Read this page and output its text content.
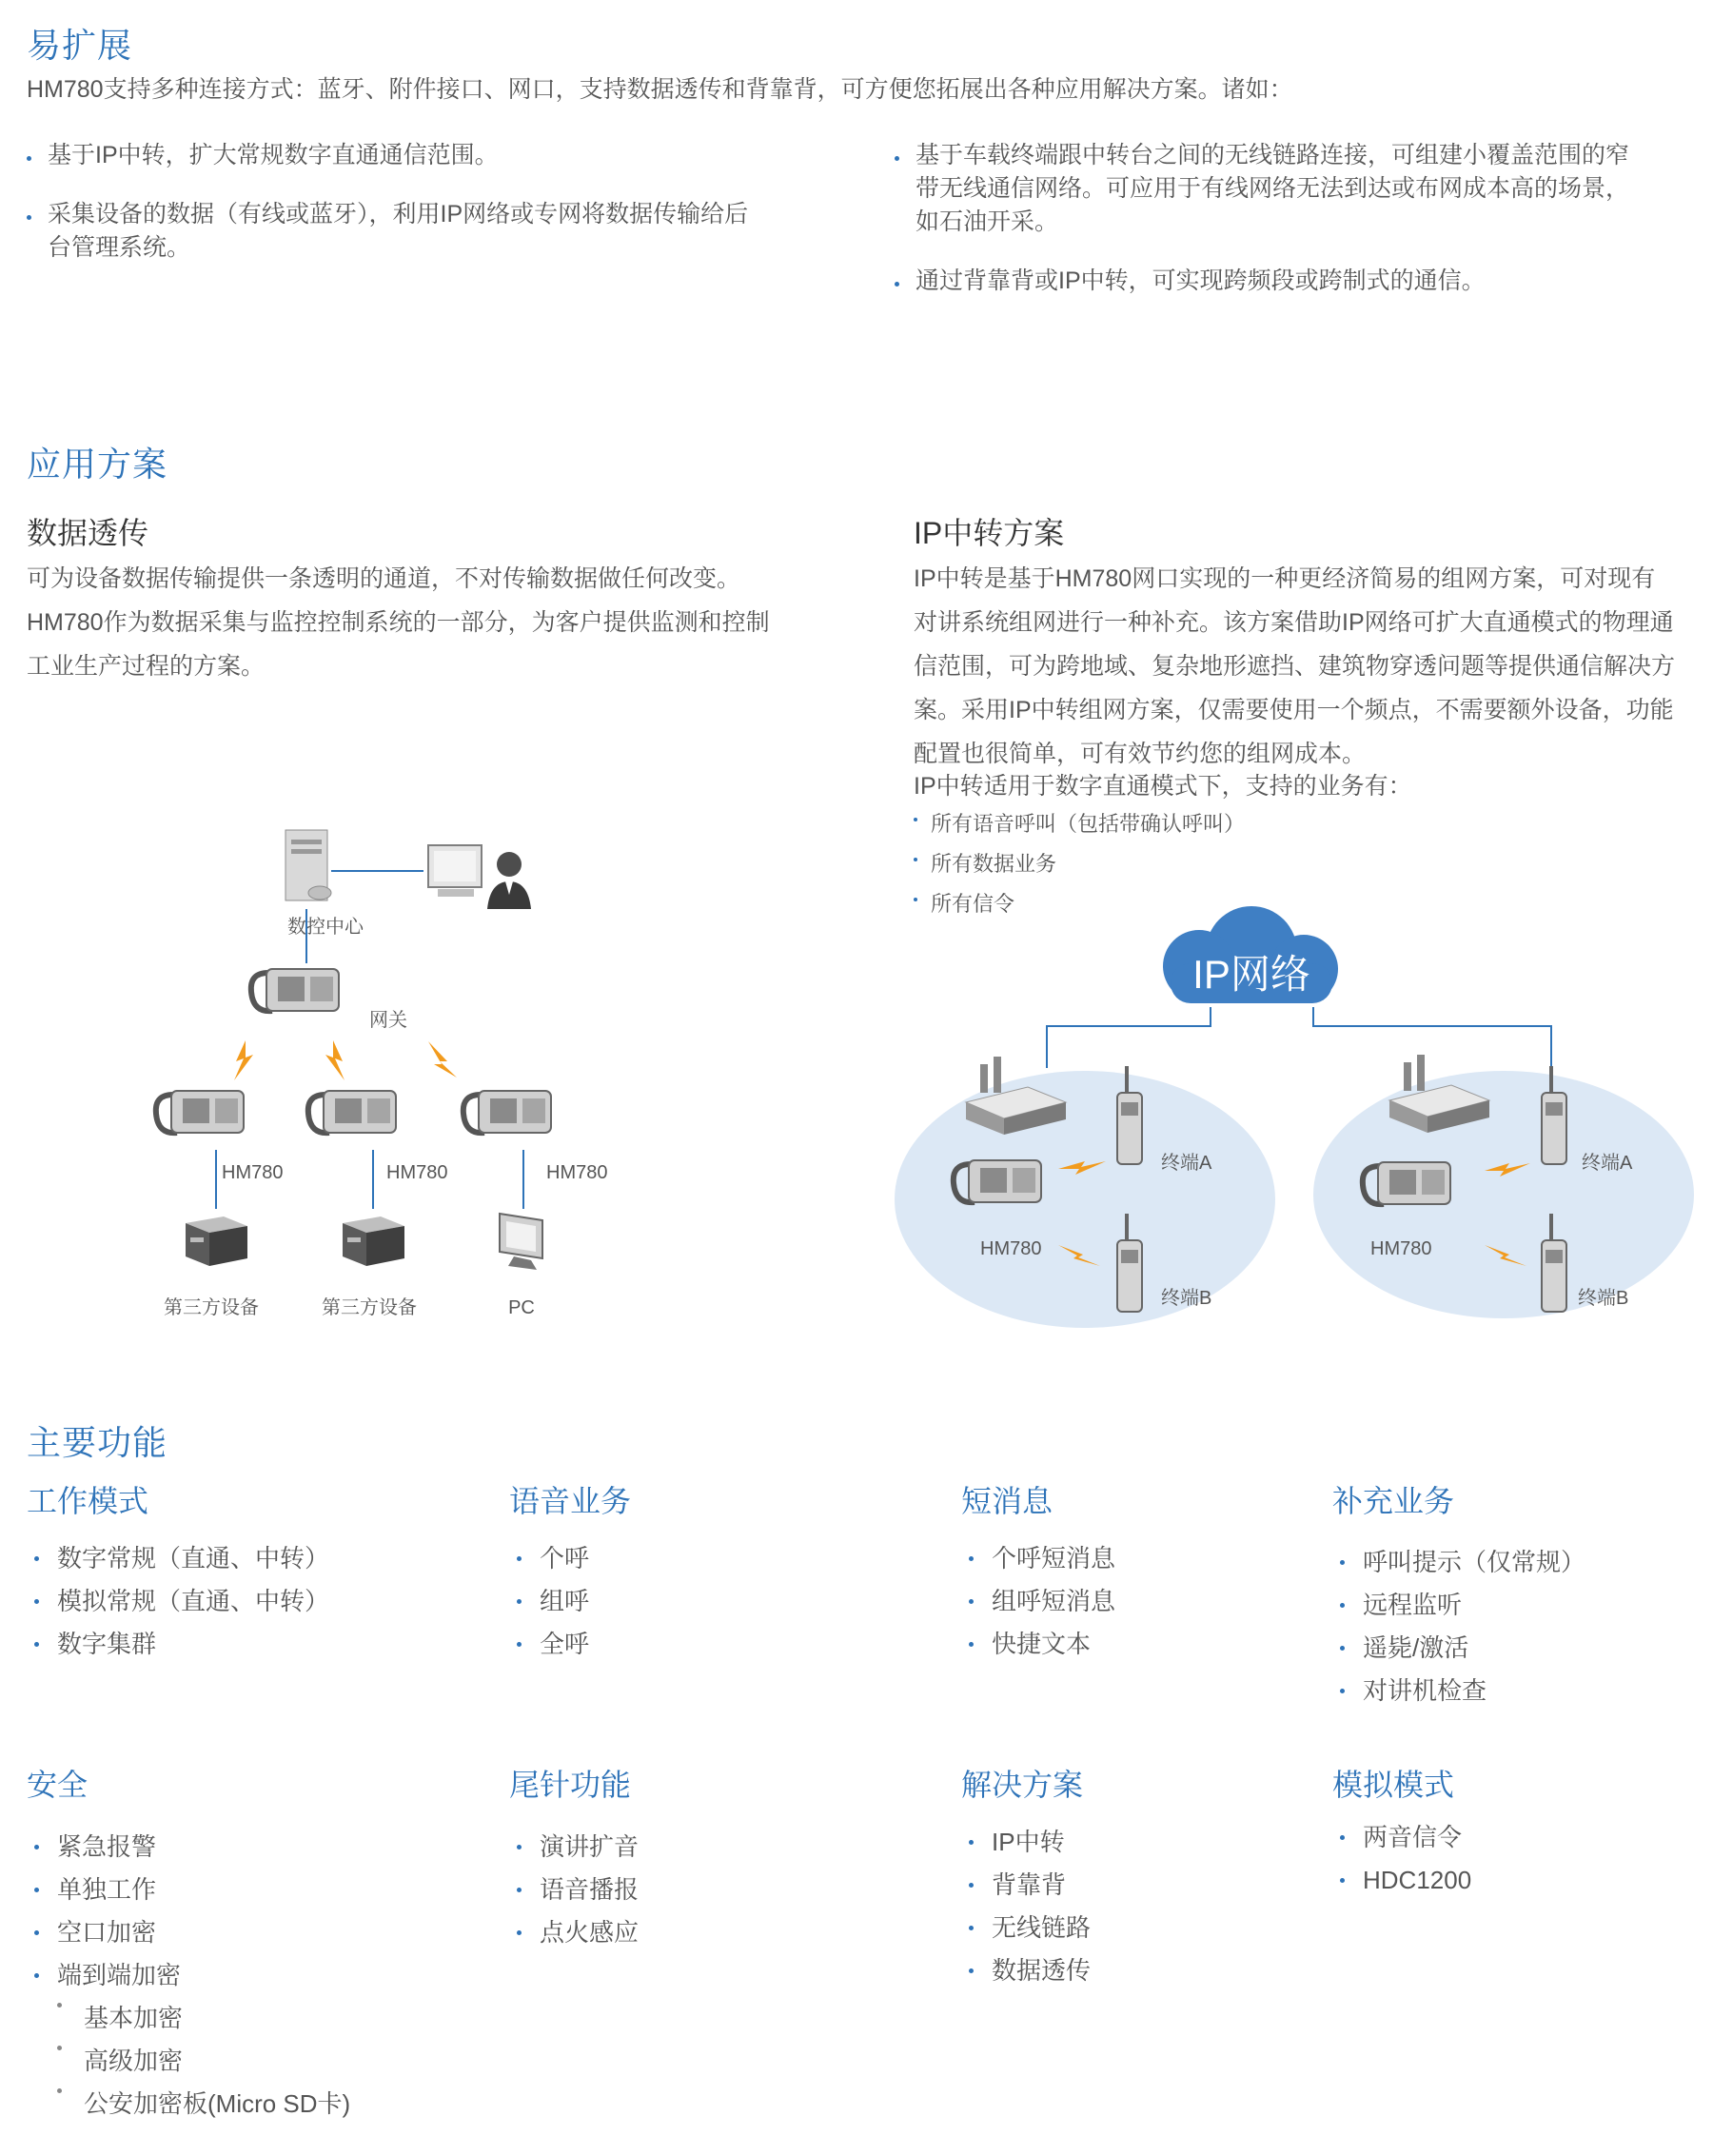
易扩展
HM780支持多种连接方式：蓝牙、附件接口、网口，支持数据透传和背靠背，可方便您拓展出各种应用解决方案。诸如：
基于IP中转，扩大常规数字直通通信范围。
采集设备的数据（有线或蓝牙），利用IP网络或专网将数据传输给后台管理系统。
基于车载终端跟中转台之间的无线链路连接，可组建小覆盖范围的窄带无线通信网络。可应用于有线网络无法到达或布网成本高的场景，如石油开采。
通过背靠背或IP中转，可实现跨频段或跨制式的通信。
应用方案
数据透传
可为设备数据传输提供一条透明的通道，不对传输数据做任何改变。HM780作为数据采集与监控控制系统的一部分，为客户提供监测和控制工业生产过程的方案。
IP中转方案
IP中转是基于HM780网口实现的一种更经济简易的组网方案，可对现有对讲系统组网进行一种补充。该方案借助IP网络可扩大直通模式的物理通信范围，可为跨地域、复杂地形遮挡、建筑物穿透问题等提供通信解决方案。采用IP中转组网方案，仅需要使用一个频点，不需要额外设备，功能配置也很简单，可有效节约您的组网成本。
IP中转适用于数字直通模式下，支持的业务有：
所有语音呼叫（包括带确认呼叫）
所有数据业务
所有信令
数控中心
网关
HM780	HM780	HM780
第三方设备	第三方设备	PC
IP网络
终端A
HM780
终端B
终端A
HM780
终端B
主要功能
工作模式
数字常规（直通、中转）
模拟常规（直通、中转）
数字集群
语音业务
个呼
组呼
全呼
短消息
个呼短消息
组呼短消息
快捷文本
补充业务
呼叫提示（仅常规）
远程监听
遥毙/激活
对讲机检查
安全
紧急报警
单独工作
空口加密
端到端加密
基本加密
高级加密
公安加密板(Micro SD卡)
尾针功能
演讲扩音
语音播报
点火感应
解决方案
IP中转
背靠背
无线链路
数据透传
模拟模式
两音信令
HDC1200
